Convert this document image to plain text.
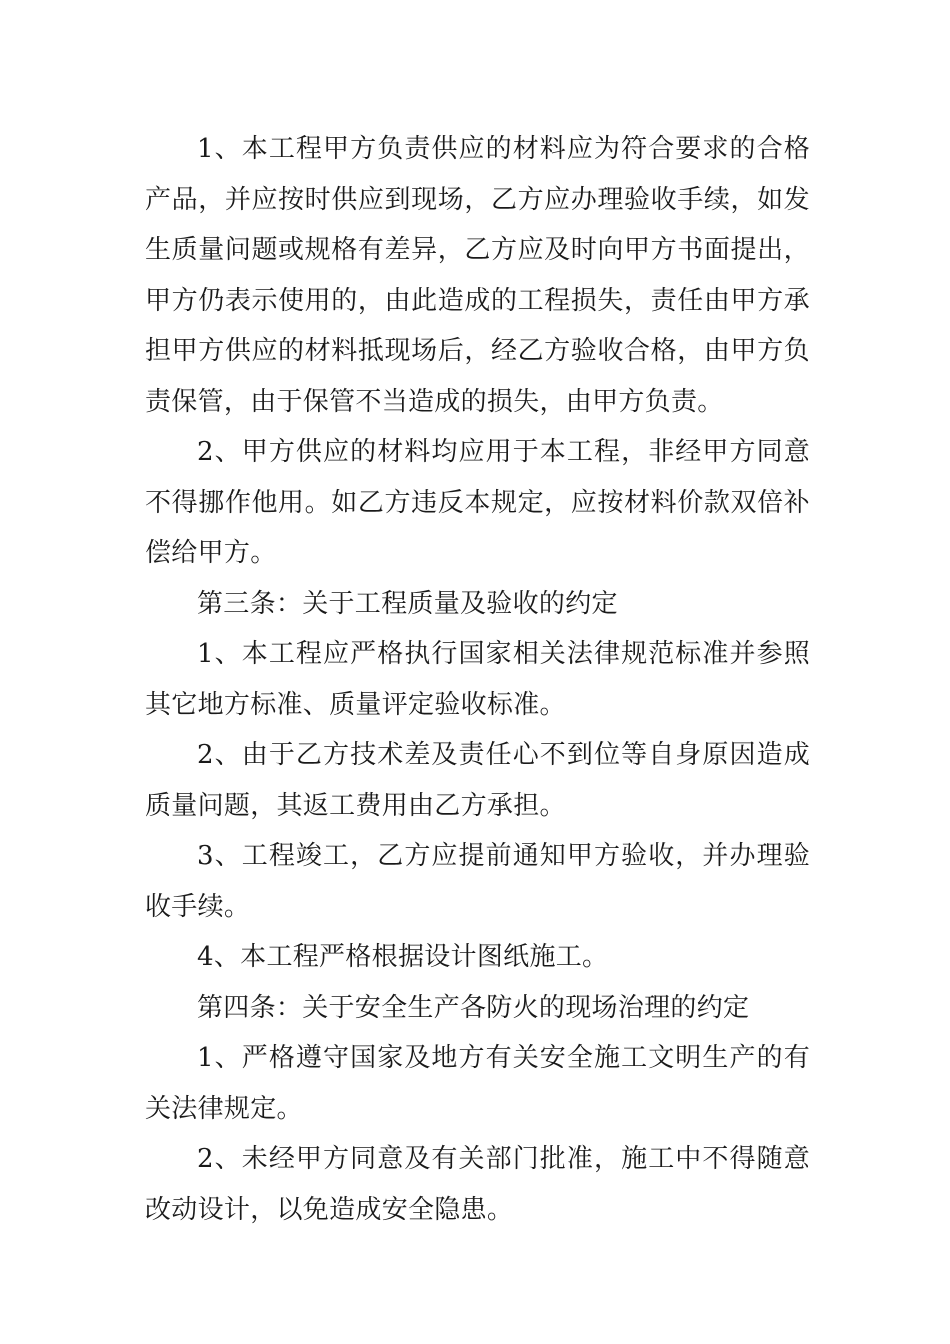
1、本工程甲方负责供应的材料应为符合要求的合格产品，并应按时供应到现场，乙方应办理验收手续，如发生质量问题或规格有差异，乙方应及时向甲方书面提出，甲方仍表示使用的，由此造成的工程损失，责任由甲方承担甲方供应的材料抵现场后，经乙方验收合格，由甲方负责保管，由于保管不当造成的损失，由甲方负责。

2、甲方供应的材料均应用于本工程，非经甲方同意不得挪作他用。如乙方违反本规定，应按材料价款双倍补偿给甲方。

第三条：关于工程质量及验收的约定

1、本工程应严格执行国家相关法律规范标准并参照其它地方标准、质量评定验收标准。

2、由于乙方技术差及责任心不到位等自身原因造成质量问题，其返工费用由乙方承担。

3、工程竣工，乙方应提前通知甲方验收，并办理验收手续。

4、本工程严格根据设计图纸施工。

第四条：关于安全生产各防火的现场治理的约定

1、严格遵守国家及地方有关安全施工文明生产的有关法律规定。

2、未经甲方同意及有关部门批准，施工中不得随意改动设计，以免造成安全隐患。
